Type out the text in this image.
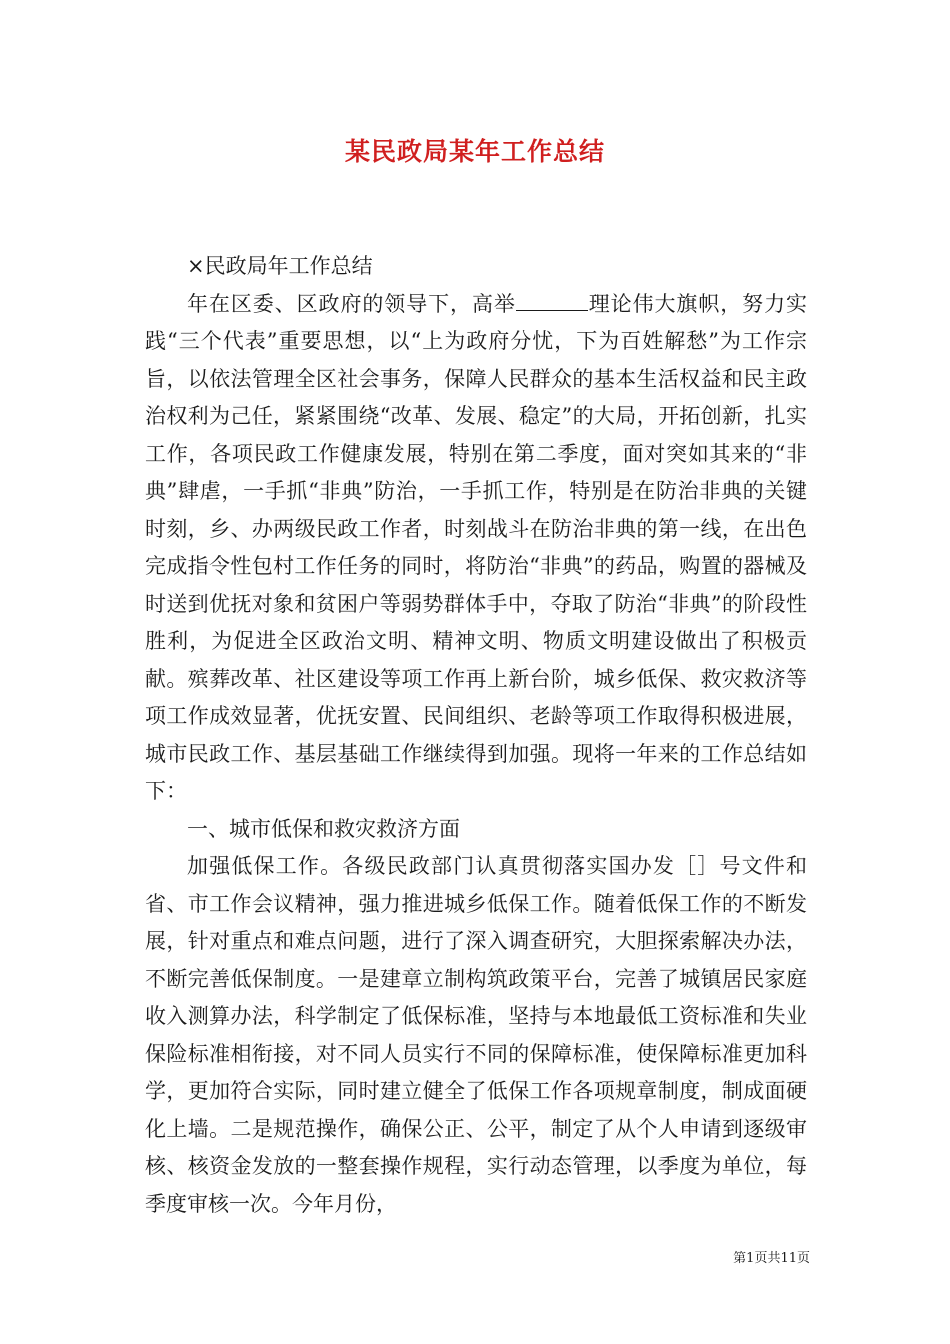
某民政局某年工作总结

×民政局年工作总结

年在区委、区政府的领导下，高举	理论伟大旗帜，努力实践“三个代表”重要思想，以“上为政府分忧，下为百姓解愁”为工作宗旨，以依法管理全区社会事务，保障人民群众的基本生活权益和民主政治权利为己任，紧紧围绕“改革、发展、稳定”的大局，开拓创新，扎实工作，各项民政工作健康发展，特别在第二季度，面对突如其来的“非典”肆虐，一手抓“非典”防治，一手抓工作，特别是在防治非典的关键时刻，乡、办两级民政工作者，时刻战斗在防治非典的第一线，在出色完成指令性包村工作任务的同时，将防治“非典”的药品，购置的器械及时送到优抚对象和贫困户等弱势群体手中，夺取了防治“非典”的阶段性胜利，为促进全区政治文明、精神文明、物质文明建设做出了积极贡献。殡葬改革、社区建设等项工作再上新台阶，城乡低保、救灾救济等项工作成效显著，优抚安置、民间组织、老龄等项工作取得积极进展，城市民政工作、基层基础工作继续得到加强。现将一年来的工作总结如下：

一、城市低保和救灾救济方面

加强低保工作。各级民政部门认真贯彻落实国办发［］号文件和省、市工作会议精神，强力推进城乡低保工作。随着低保工作的不断发展，针对重点和难点问题，进行了深入调查研究，大胆探索解决办法，不断完善低保制度。一是建章立制构筑政策平台，完善了城镇居民家庭收入测算办法，科学制定了低保标准，坚持与本地最低工资标准和失业保险标准相衔接，对不同人员实行不同的保障标准，使保障标准更加科学，更加符合实际，同时建立健全了低保工作各项规章制度，制成面硬化上墙。二是规范操作，确保公正、公平，制定了从个人申请到逐级审核、核资金发放的一整套操作规程，实行动态管理，以季度为单位，每季度审核一次。今年月份，

第1页共11页
